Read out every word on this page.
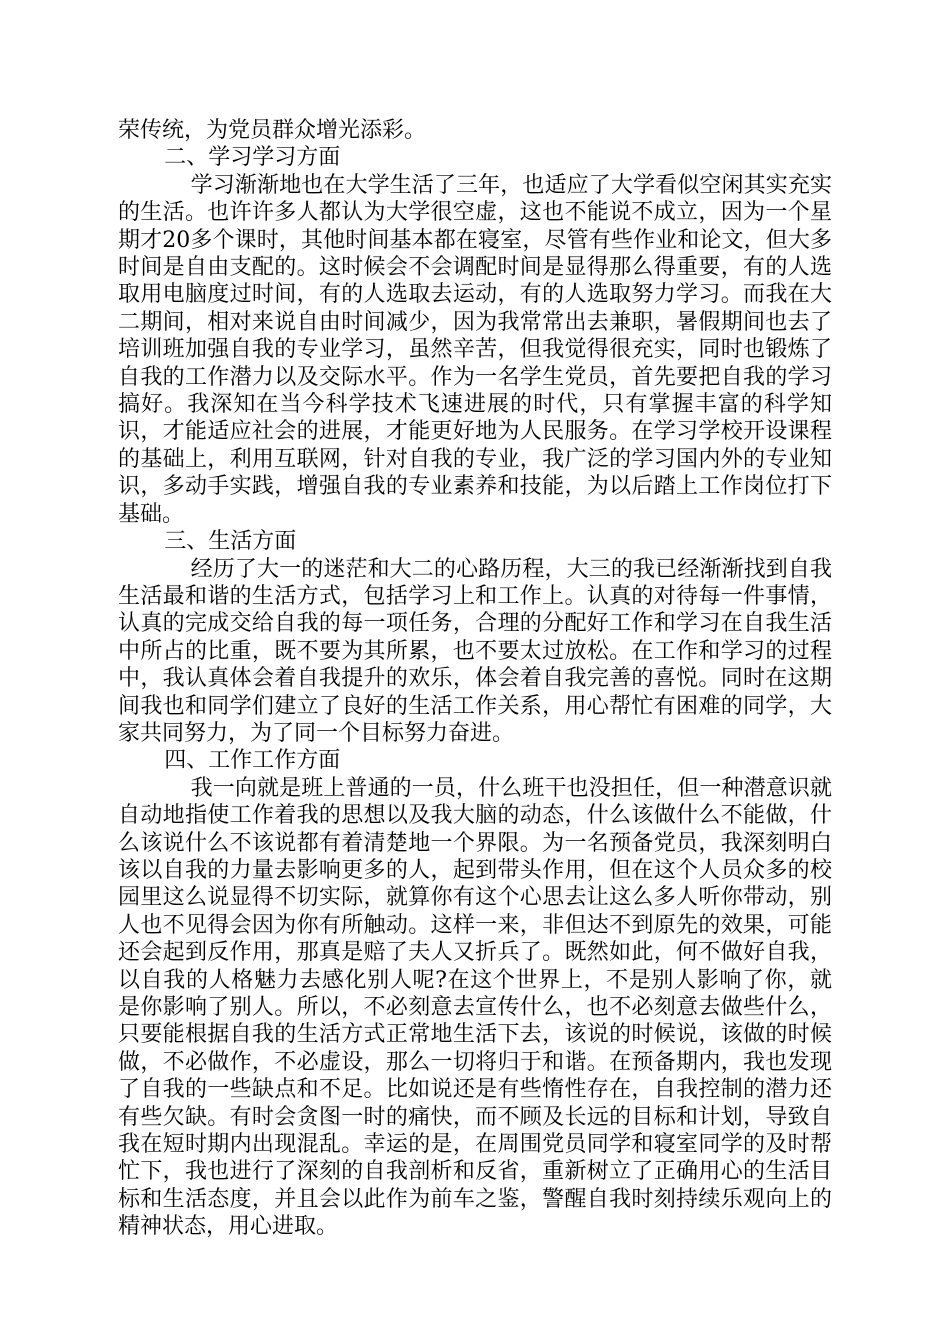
荣传统，为党员群众增光添彩。

二、学习学习方面

学习渐渐地也在大学生活了三年，也适应了大学看似空闲其实充实的生活。也许许多人都认为大学很空虚，这也不能说不成立，因为一个星期才20多个课时，其他时间基本都在寝室，尽管有些作业和论文，但大多时间是自由支配的。这时候会不会调配时间是显得那么得重要，有的人选取用电脑度过时间，有的人选取去运动，有的人选取努力学习。而我在大二期间，相对来说自由时间减少，因为我常常出去兼职，暑假期间也去了培训班加强自我的专业学习，虽然辛苦，但我觉得很充实，同时也锻炼了自我的工作潜力以及交际水平。作为一名学生党员，首先要把自我的学习搞好。我深知在当今科学技术飞速进展的时代，只有掌握丰富的科学知识，才能适应社会的进展，才能更好地为人民服务。在学习学校开设课程的基础上，利用互联网，针对自我的专业，我广泛的学习国内外的专业知识，多动手实践，增强自我的专业素养和技能，为以后踏上工作岗位打下基础。

三、生活方面

经历了大一的迷茫和大二的心路历程，大三的我已经渐渐找到自我生活最和谐的生活方式，包括学习上和工作上。认真的对待每一件事情，认真的完成交给自我的每一项任务，合理的分配好工作和学习在自我生活中所占的比重，既不要为其所累，也不要太过放松。在工作和学习的过程中，我认真体会着自我提升的欢乐，体会着自我完善的喜悦。同时在这期间我也和同学们建立了良好的生活工作关系，用心帮忙有困难的同学，大家共同努力，为了同一个目标努力奋进。

四、工作工作方面

我一向就是班上普通的一员，什么班干也没担任，但一种潜意识就自动地指使工作着我的思想以及我大脑的动态，什么该做什么不能做，什么该说什么不该说都有着清楚地一个界限。为一名预备党员，我深刻明白该以自我的力量去影响更多的人，起到带头作用，但在这个人员众多的校园里这么说显得不切实际，就算你有这个心思去让这么多人听你带动，别人也不见得会因为你有所触动。这样一来，非但达不到原先的效果，可能还会起到反作用，那真是赔了夫人又折兵了。既然如此，何不做好自我，以自我的人格魅力去感化别人呢?在这个世界上，不是别人影响了你，就是你影响了别人。所以，不必刻意去宣传什么，也不必刻意去做些什么，只要能根据自我的生活方式正常地生活下去，该说的时候说，该做的时候做，不必做作，不必虚设，那么一切将归于和谐。在预备期内，我也发现了自我的一些缺点和不足。比如说还是有些惰性存在，自我控制的潜力还有些欠缺。有时会贪图一时的痛快，而不顾及长远的目标和计划，导致自我在短时期内出现混乱。幸运的是，在周围党员同学和寝室同学的及时帮忙下，我也进行了深刻的自我剖析和反省，重新树立了正确用心的生活目标和生活态度，并且会以此作为前车之鉴，警醒自我时刻持续乐观向上的精神状态，用心进取。
